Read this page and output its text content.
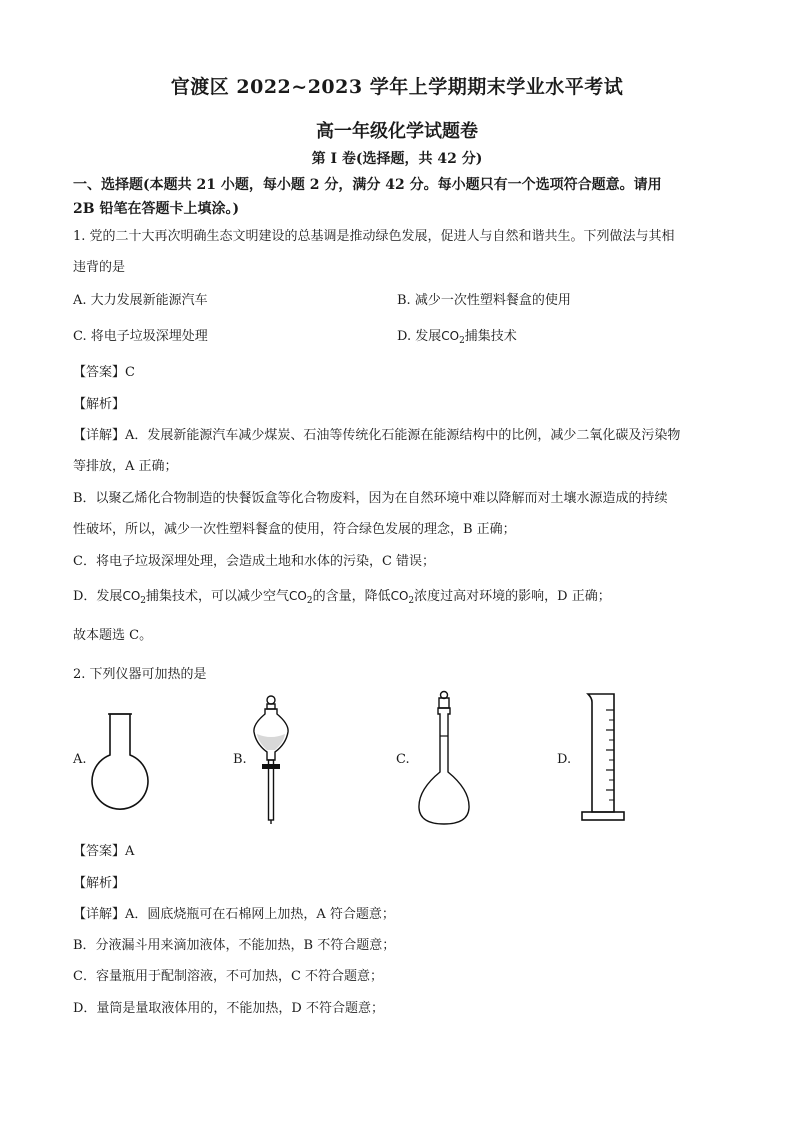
官渡区 2022~2023 学年上学期期末学业水平考试
高一年级化学试题卷
第 I 卷(选择题，共 42 分)
一、选择题(本题共 21 小题，每小题 2 分，满分 42 分。每小题只有一个选项符合题意。请用
2B 铅笔在答题卡上填涂。)
1. 党的二十大再次明确生态文明建设的总基调是推动绿色发展，促进人与自然和谐共生。下列做法与其相
违背的是
A. 大力发展新能源汽车	B. 减少一次性塑料餐盒的使用
C. 将电子垃圾深埋处理	D. 发展$CO_2$捕集技术
【答案】C
【解析】
【详解】A．发展新能源汽车减少煤炭、石油等传统化石能源在能源结构中的比例，减少二氧化碳及污染物
等排放，A 正确；
B．以聚乙烯化合物制造的快餐饭盒等化合物废料，因为在自然环境中难以降解而对土壤水源造成的持续
性破坏，所以，减少一次性塑料餐盒的使用，符合绿色发展的理念，B 正确；
C．将电子垃圾深埋处理，会造成土地和水体的污染，C 错误；
D．发展$CO_2$捕集技术，可以减少空气$CO_2$的含量，降低$CO_2$浓度过高对环境的影响，D 正确；
故本题选 C。
2. 下列仪器可加热的是
A.	B.	C.	D.
【答案】A
【解析】
【详解】A．圆底烧瓶可在石棉网上加热，A 符合题意；
B．分液漏斗用来滴加液体，不能加热，B 不符合题意；
C．容量瓶用于配制溶液，不可加热，C 不符合题意；
D．量筒是量取液体用的，不能加热，D 不符合题意；
